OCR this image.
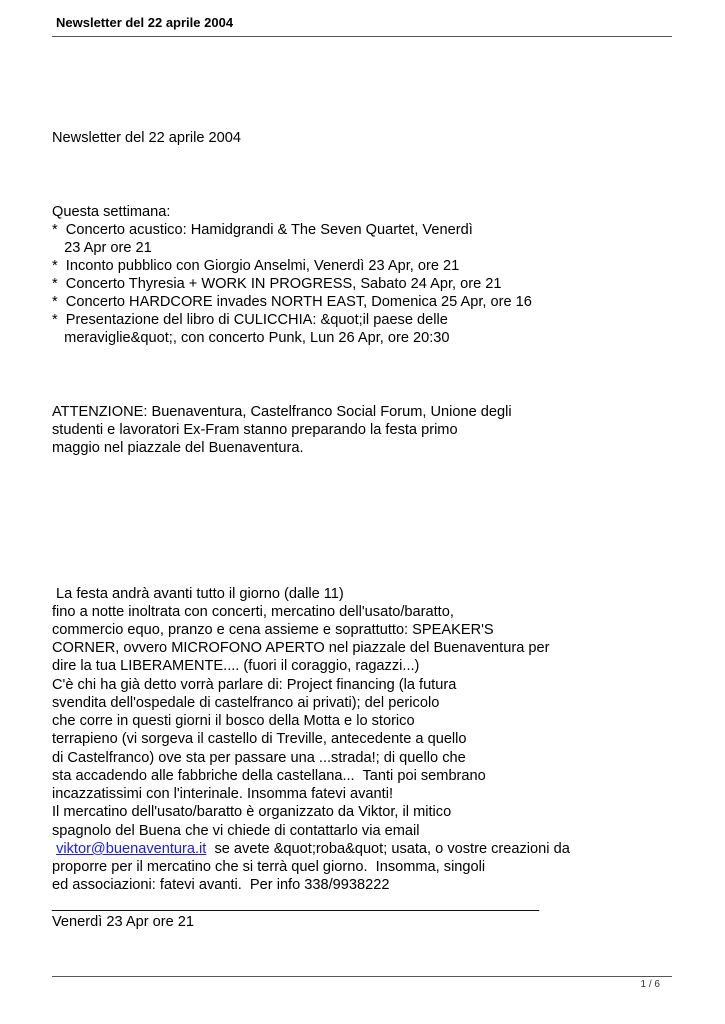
Newsletter del 22 aprile 2004
Newsletter del 22 aprile 2004
Questa settimana:
*  Concerto acustico: Hamidgrandi & The Seven Quartet, Venerdì
23 Apr ore 21
*  Inconto pubblico con Giorgio Anselmi, Venerdì 23 Apr, ore 21
*  Concerto Thyresia + WORK IN PROGRESS, Sabato 24 Apr, ore 21
*  Concerto HARDCORE invades NORTH EAST, Domenica 25 Apr, ore 16
*  Presentazione del libro di CULICCHIA: &quot;il paese delle
meraviglie&quot;, con concerto Punk, Lun 26 Apr, ore 20:30
ATTENZIONE: Buenaventura, Castelfranco Social Forum, Unione degli
studenti e lavoratori Ex-Fram stanno preparando la festa primo
maggio nel piazzale del Buenaventura.
La festa andrà avanti tutto il giorno (dalle 11)
fino a notte inoltrata con concerti, mercatino dell'usato/baratto,
commercio equo, pranzo e cena assieme e soprattutto: SPEAKER'S
CORNER, ovvero MICROFONO APERTO nel piazzale del Buenaventura per
dire la tua LIBERAMENTE.... (fuori il coraggio, ragazzi...)
C'è chi ha già detto vorrà parlare di: Project financing (la futura
svendita dell'ospedale di castelfranco ai privati); del pericolo
che corre in questi giorni il bosco della Motta e lo storico
terrapieno (vi sorgeva il castello di Treville, antecedente a quello
di Castelfranco) ove sta per passare una ...strada!; di quello che
sta accadendo alle fabbriche della castellana...  Tanti poi sembrano
incazzatissimi con l'interinale. Insomma fatevi avanti!
Il mercatino dell'usato/baratto è organizzato da Viktor, il mitico
spagnolo del Buena che vi chiede di contattarlo via email
viktor@buenaventura.it  se avete &quot;roba&quot; usata, o vostre creazioni da
proporre per il mercatino che si terrà quel giorno.  Insomma, singoli
ed associazioni: fatevi avanti.  Per info 338/9938222
____________________________________________________________
Venerdì 23 Apr ore 21
1 / 6
